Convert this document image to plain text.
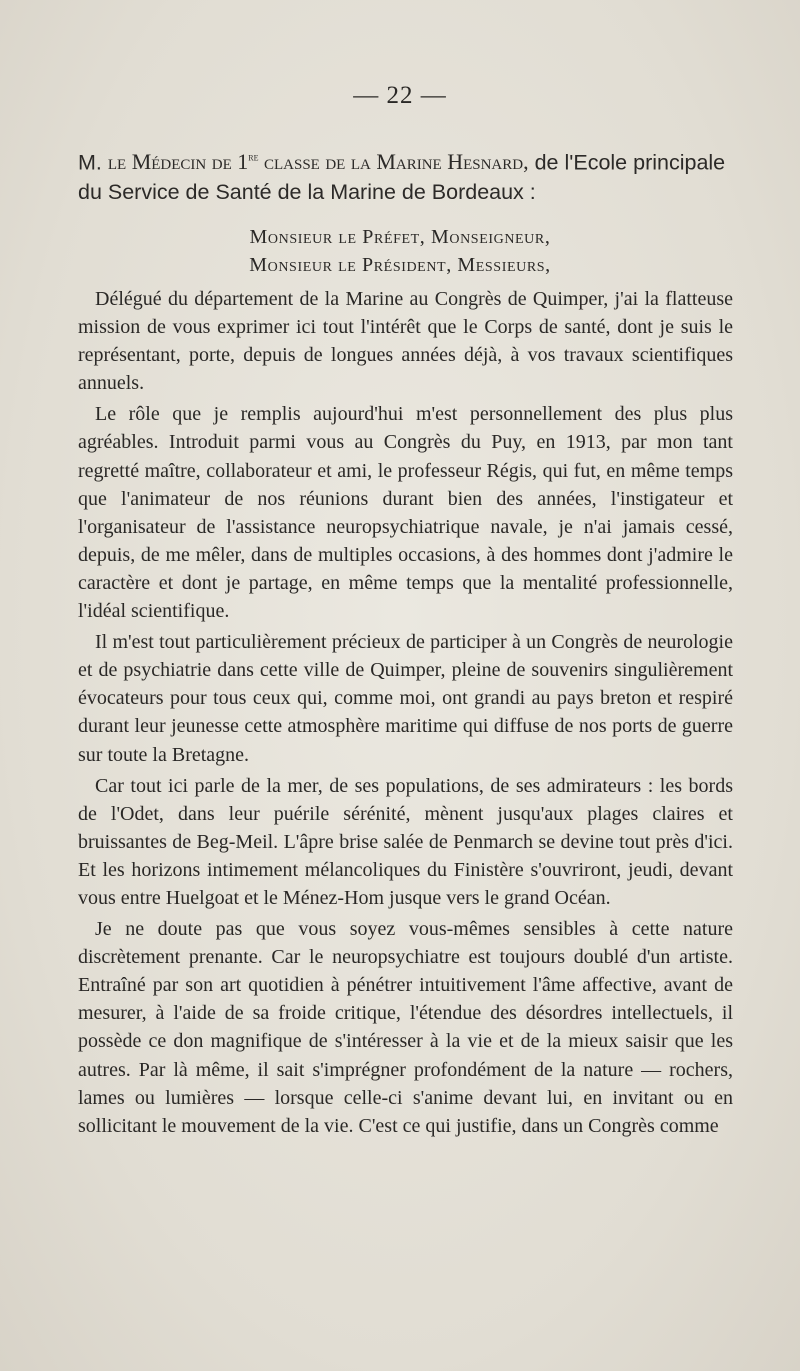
— 22 —
M. le Médecin de 1re classe de la Marine Hesnard, de l'Ecole principale du Service de Santé de la Marine de Bordeaux :
Monsieur le Préfet, Monseigneur,
Monsieur le Président, Messieurs,

Délégué du département de la Marine au Congrès de Quimper, j'ai la flatteuse mission de vous exprimer ici tout l'intérêt que le Corps de santé, dont je suis le représentant, porte, depuis de longues années déjà, à vos travaux scientifiques annuels.

Le rôle que je remplis aujourd'hui m'est personnellement des plus plus agréables. Introduit parmi vous au Congrès du Puy, en 1913, par mon tant regretté maître, collaborateur et ami, le professeur Régis, qui fut, en même temps que l'animateur de nos réunions durant bien des années, l'instigateur et l'organisateur de l'assistance neuropsychiatrique navale, je n'ai jamais cessé, depuis, de me mêler, dans de multiples occasions, à des hommes dont j'admire le caractère et dont je partage, en même temps que la mentalité professionnelle, l'idéal scientifique.

Il m'est tout particulièrement précieux de participer à un Congrès de neurologie et de psychiatrie dans cette ville de Quimper, pleine de souvenirs singulièrement évocateurs pour tous ceux qui, comme moi, ont grandi au pays breton et respiré durant leur jeunesse cette atmosphère maritime qui diffuse de nos ports de guerre sur toute la Bretagne.

Car tout ici parle de la mer, de ses populations, de ses admirateurs : les bords de l'Odet, dans leur puérile sérénité, mènent jusqu'aux plages claires et bruissantes de Beg-Meil. L'âpre brise salée de Penmarch se devine tout près d'ici. Et les horizons intimement mélancoliques du Finistère s'ouvriront, jeudi, devant vous entre Huelgoat et le Ménez-Hom jusque vers le grand Océan.

Je ne doute pas que vous soyez vous-mêmes sensibles à cette nature discrètement prenante. Car le neuropsychiatre est toujours doublé d'un artiste. Entraîné par son art quotidien à pénétrer intuitivement l'âme affective, avant de mesurer, à l'aide de sa froide critique, l'étendue des désordres intellectuels, il possède ce don magnifique de s'intéresser à la vie et de la mieux saisir que les autres. Par là même, il sait s'imprégner profondément de la nature — rochers, lames ou lumières — lorsque celle-ci s'anime devant lui, en invitant ou en sollicitant le mouvement de la vie. C'est ce qui justifie, dans un Congrès comme
